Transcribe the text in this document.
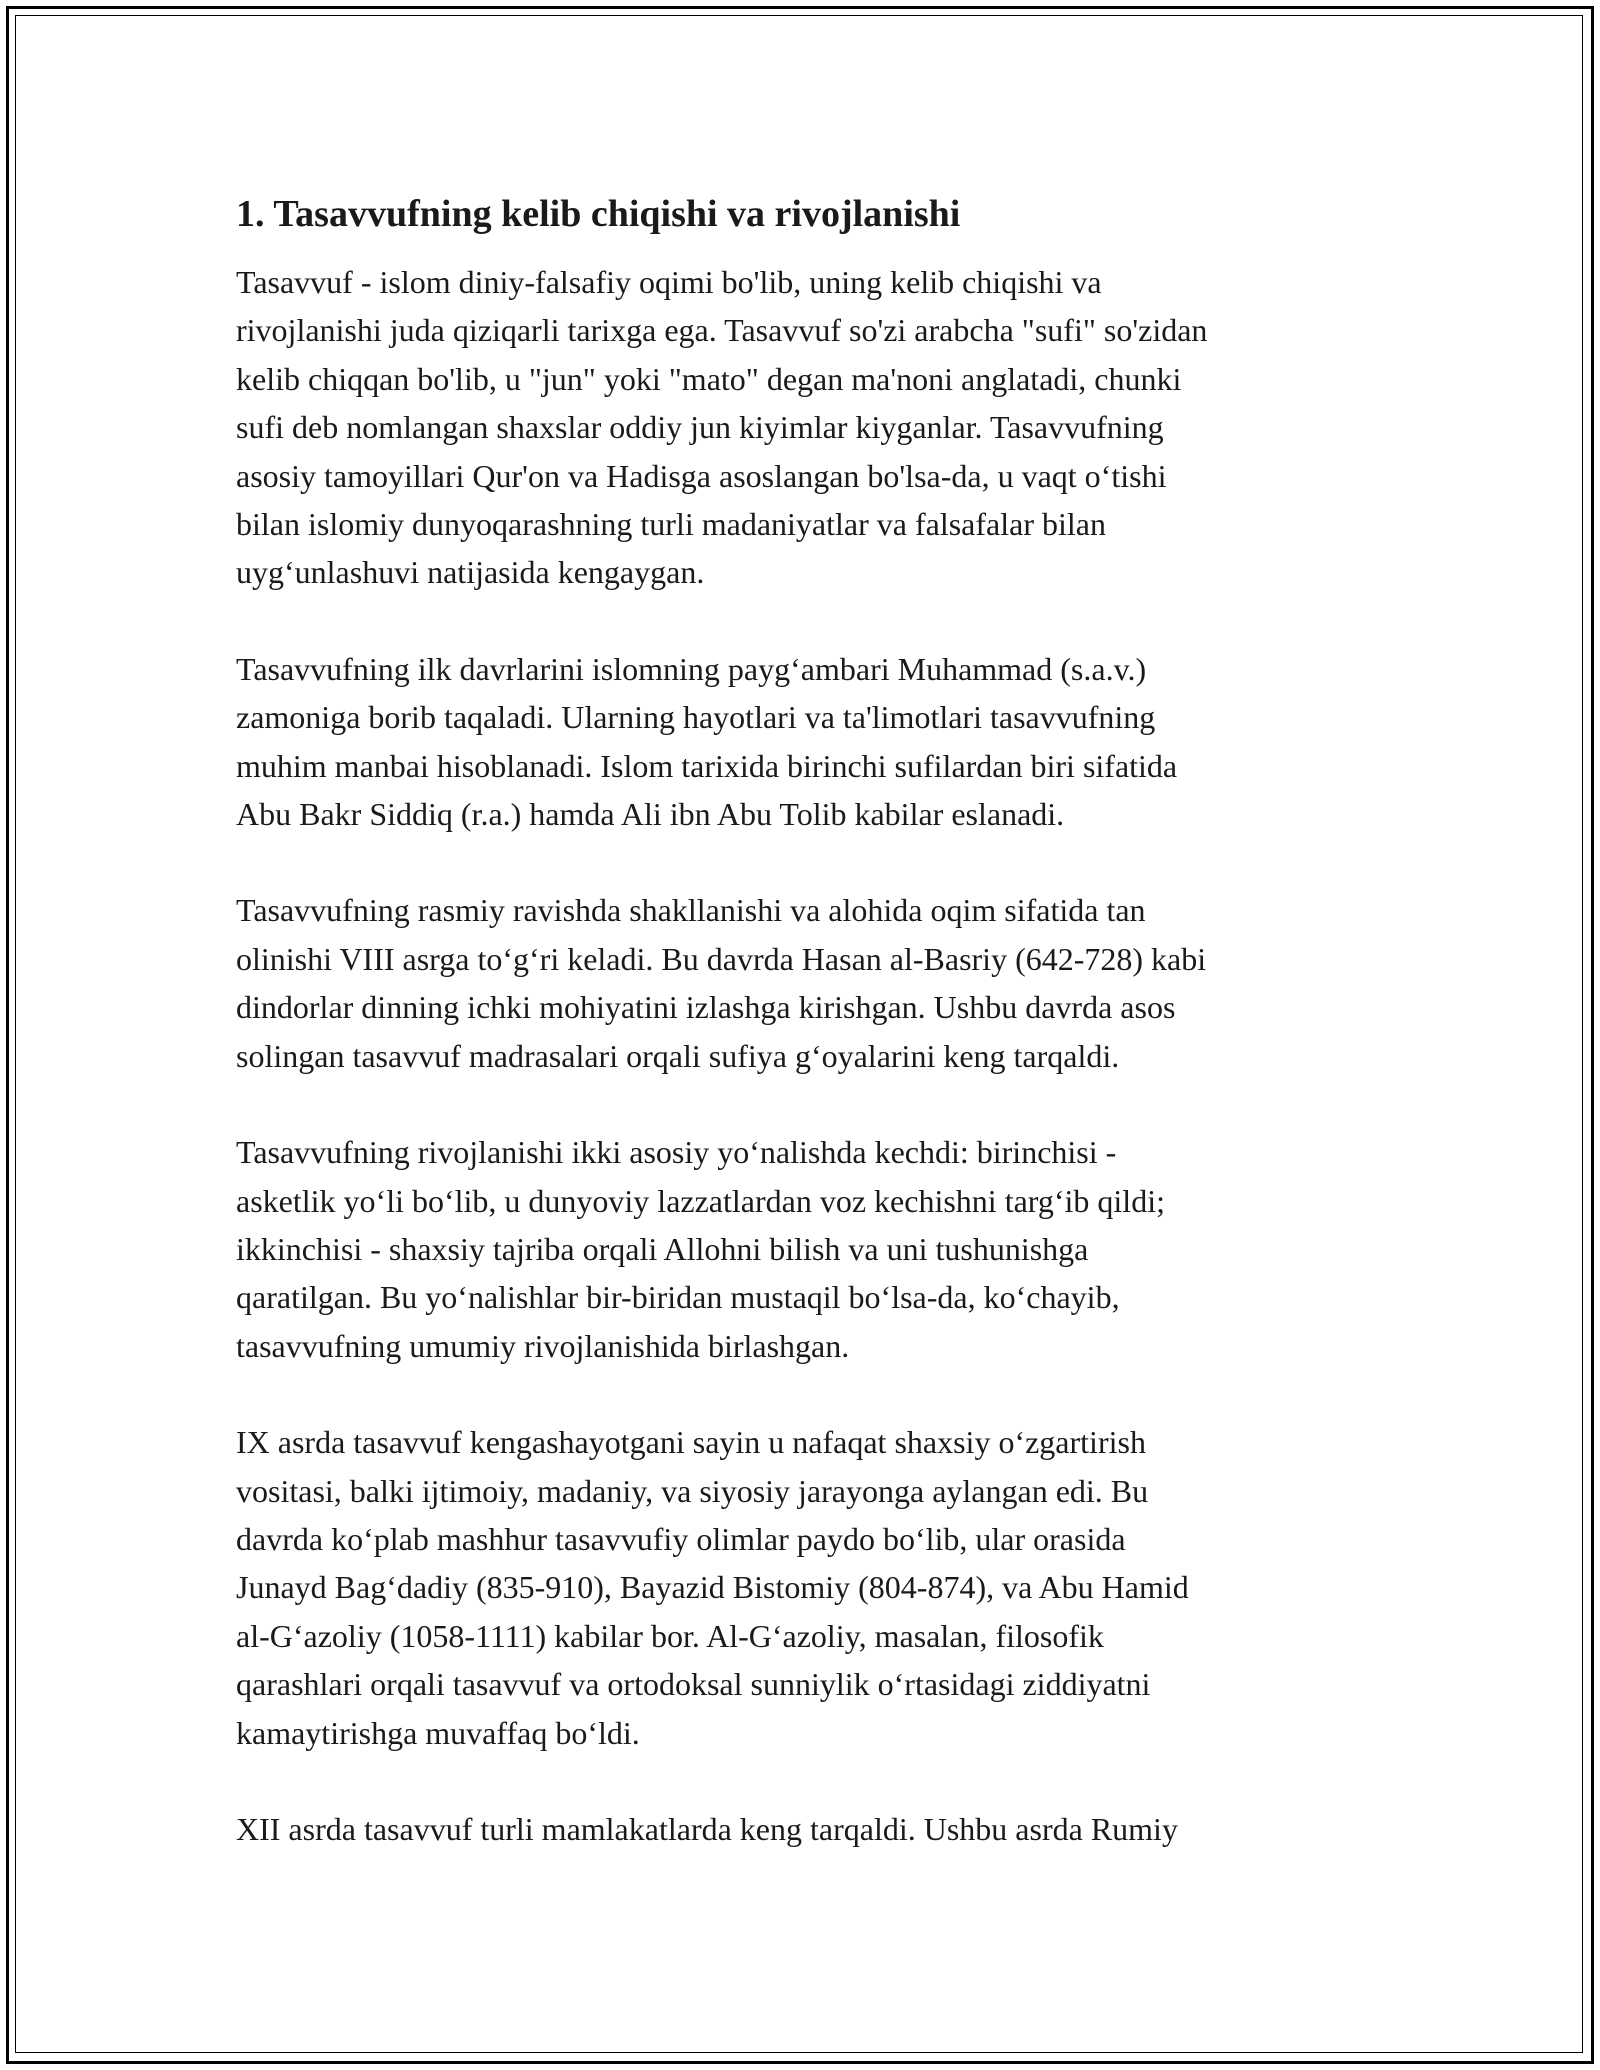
1. Tasavvufning kelib chiqishi va rivojlanishi

Tasavvuf - islom diniy-falsafiy oqimi bo'lib, uning kelib chiqishi va
rivojlanishi juda qiziqarli tarixga ega. Tasavvuf so'zi arabcha "sufi" so'zidan
kelib chiqqan bo'lib, u "jun" yoki "mato" degan ma'noni anglatadi, chunki
sufi deb nomlangan shaxslar oddiy jun kiyimlar kiyganlar. Tasavvufning
asosiy tamoyillari Qur'on va Hadisga asoslangan bo'lsa-da, u vaqt o‘tishi
bilan islomiy dunyoqarashning turli madaniyatlar va falsafalar bilan
uyg‘unlashuvi natijasida kengaygan.

Tasavvufning ilk davrlarini islomning payg‘ambari Muhammad (s.a.v.)
zamoniga borib taqaladi. Ularning hayotlari va ta'limotlari tasavvufning
muhim manbai hisoblanadi. Islom tarixida birinchi sufilardan biri sifatida
Abu Bakr Siddiq (r.a.) hamda Ali ibn Abu Tolib kabilar eslanadi.

Tasavvufning rasmiy ravishda shakllanishi va alohida oqim sifatida tan
olinishi VIII asrga to‘g‘ri keladi. Bu davrda Hasan al-Basriy (642-728) kabi
dindorlar dinning ichki mohiyatini izlashga kirishgan. Ushbu davrda asos
solingan tasavvuf madrasalari orqali sufiya g‘oyalarini keng tarqaldi.

Tasavvufning rivojlanishi ikki asosiy yo‘nalishda kechdi: birinchisi -
asketlik yo‘li bo‘lib, u dunyoviy lazzatlardan voz kechishni targ‘ib qildi;
ikkinchisi - shaxsiy tajriba orqali Allohni bilish va uni tushunishga
qaratilgan. Bu yo‘nalishlar bir-biridan mustaqil bo‘lsa-da, ko‘chayib,
tasavvufning umumiy rivojlanishida birlashgan.

IX asrda tasavvuf kengashayotgani sayin u nafaqat shaxsiy o‘zgartirish
vositasi, balki ijtimoiy, madaniy, va siyosiy jarayonga aylangan edi. Bu
davrda ko‘plab mashhur tasavvufiy olimlar paydo bo‘lib, ular orasida
Junayd Bag‘dadiy (835-910), Bayazid Bistomiy (804-874), va Abu Hamid
al-G‘azoliy (1058-1111) kabilar bor. Al-G‘azoliy, masalan, filosofik
qarashlari orqali tasavvuf va ortodoksal sunniylik o‘rtasidagi ziddiyatni
kamaytirishga muvaffaq bo‘ldi.

XII asrda tasavvuf turli mamlakatlarda keng tarqaldi. Ushbu asrda Rumiy
